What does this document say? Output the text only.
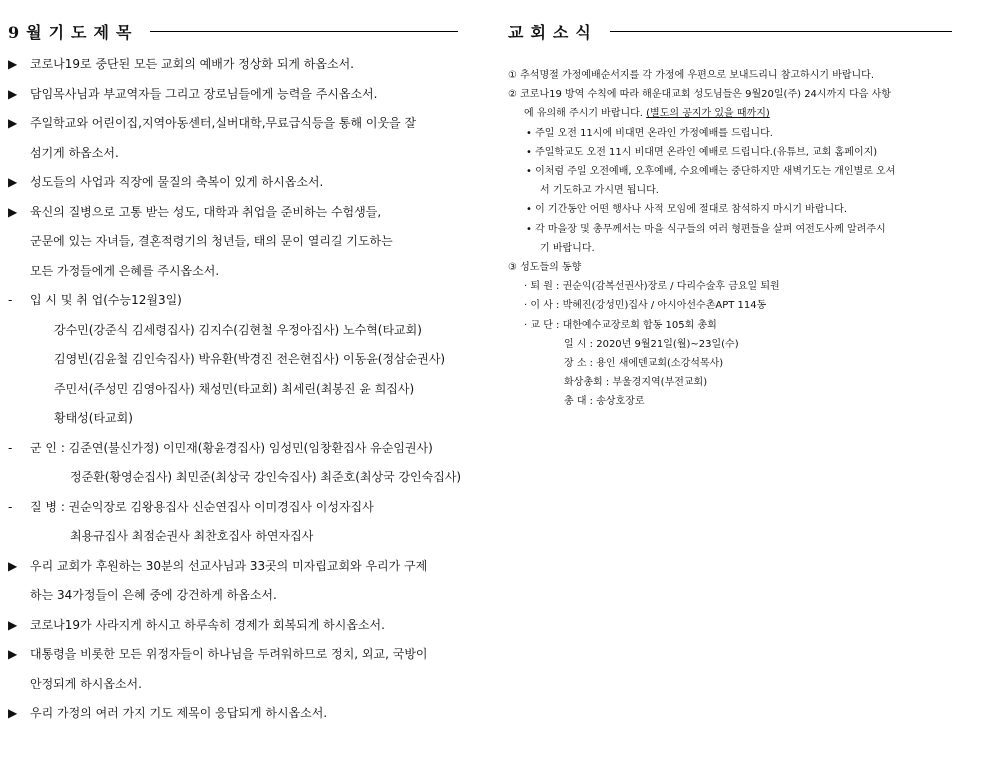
9월기도제목
▶ 코로나19로 중단된 모든 교회의 예배가 정상화 되게 하옵소서.
▶ 담임목사님과 부교역자들 그리고 장로님들에게 능력을 주시옵소서.
▶ 주일학교와 어린이집,지역아동센터,실버대학,무료급식등을 통해 이웃을 잘
섬기게 하옵소서.
▶ 성도들의 사업과 직장에 물질의 축복이 있게 하시옵소서.
▶ 육신의 질병으로 고통 받는 성도, 대학과 취업을 준비하는 수험생들,
군문에 있는 자녀들, 결혼적령기의 청년들, 태의 문이 열리길 기도하는
모든 가정들에게 은혜를 주시옵소서.
- 입 시 및 취 업(수능12월3일)
강수민(강준식 김세령집사) 김지수(김현철 우정아집사) 노수혁(타교회)
김영빈(김윤철 김인숙집사) 박유환(박경진 전은현집사) 이동윤(정삼순권사)
주민서(주성민 김영아집사) 채성민(타교회) 최세린(최봉진 윤 희집사)
황태성(타교회)
- 군 인 : 김준연(불신가정) 이민재(황윤경집사) 임성민(임창환집사 유순임권사)
정준환(황영순집사) 최민준(최상국 강인숙집사) 최준호(최상국 강인숙집사)
- 질 병 : 권순익장로 김왕용집사 신순연집사 이미경집사 이성자집사
최용규집사 최점순권사 최찬호집사 하연자집사
▶ 우리 교회가 후원하는 30분의 선교사님과 33곳의 미자립교회와 우리가 구제
하는 34가정들이 은혜 중에 강건하게 하옵소서.
▶ 코로나19가 사라지게 하시고 하루속히 경제가 회복되게 하시옵소서.
▶ 대통령을 비롯한 모든 위정자들이 하나님을 두려워하므로 정치, 외교, 국방이
안정되게 하시옵소서.
▶ 우리 가정의 여러 가지 기도 제목이 응답되게 하시옵소서.
교회소식
① 추석명절 가정예배순서지를 각 가정에 우편으로 보내드리니 참고하시기 바랍니다.
② 코로나19 방역 수칙에 따라 해운대교회 성도님들은 9월20일(주) 24시까지 다음 사항
에 유의해 주시기 바랍니다. (별도의 공지가 있을 때까지)
• 주일 오전 11시에 비대면 온라인 가정예배를 드립니다.
• 주일학교도 오전 11시 비대면 온라인 예배로 드립니다.(유튜브, 교회 홈페이지)
• 이처럼 주일 오전예배, 오후예배, 수요예배는 중단하지만 새벽기도는 개인별로 오셔
서 기도하고 가시면 됩니다.
• 이 기간동안 어떤 행사나 사적 모임에 절대로 참석하지 마시기 바랍니다.
• 각 마을장 및 총무께서는 마을 식구들의 여러 형편들을 살펴 여전도사께 알려주시
기 바랍니다.
③ 성도들의 동향
· 퇴 원 : 권순익(감복선권사)장로 / 다리수술후 금요일 퇴원
· 이 사 : 박혜진(강성민)집사 / 아시아선수촌APT 114동
· 교 단 : 대한예수교장로회 합동 105회 총회
일 시 : 2020년 9월21일(월)~23일(수)
장 소 : 용인 새에덴교회(소강석목사)
화상총회 : 부울경지역(부전교회)
총 대 : 송상호장로
